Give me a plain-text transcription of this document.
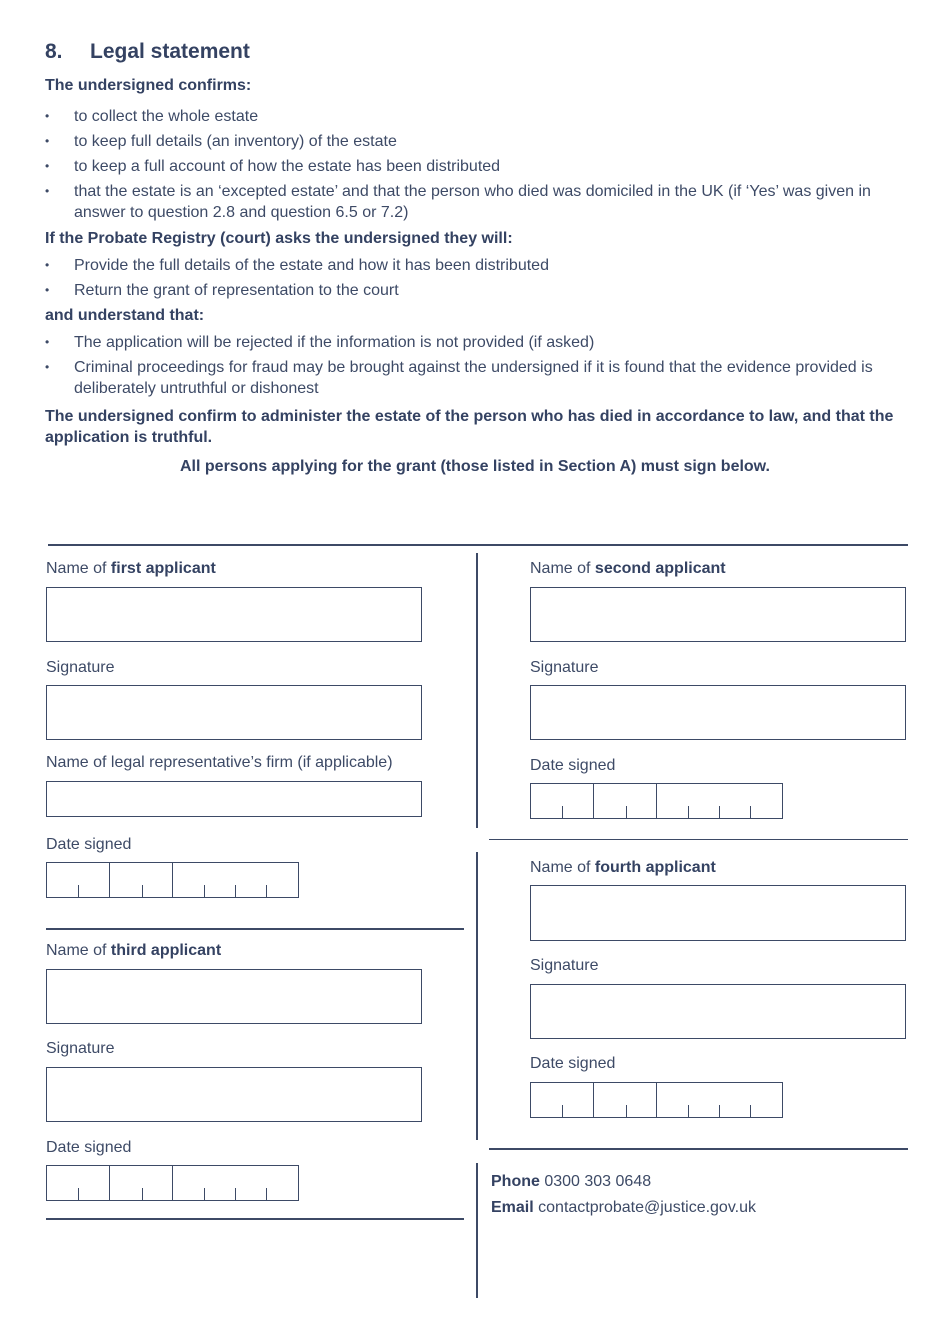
8. Legal statement
The undersigned confirms:
• to collect the whole estate
• to keep full details (an inventory) of the estate
• to keep a full account of how the estate has been distributed
• that the estate is an ‘excepted estate’ and that the person who died was domiciled in the UK (if ‘Yes’ was given in answer to question 2.8 and question 6.5 or 7.2)
If the Probate Registry (court) asks the undersigned they will:
• Provide the full details of the estate and how it has been distributed
• Return the grant of representation to the court
and understand that:
• The application will be rejected if the information is not provided (if asked)
• Criminal proceedings for fraud may be brought against the undersigned if it is found that the evidence provided is deliberately untruthful or dishonest
The undersigned confirm to administer the estate of the person who has died in accordance to law, and that the application is truthful.
All persons applying for the grant (those listed in Section A) must sign below.
Name of first applicant
Signature
Name of legal representative’s firm (if applicable)
Date signed
Name of second applicant
Signature
Date signed
Name of fourth applicant
Signature
Date signed
Name of third applicant
Signature
Date signed
Phone 0300 303 0648
Email contactprobate@justice.gov.uk
